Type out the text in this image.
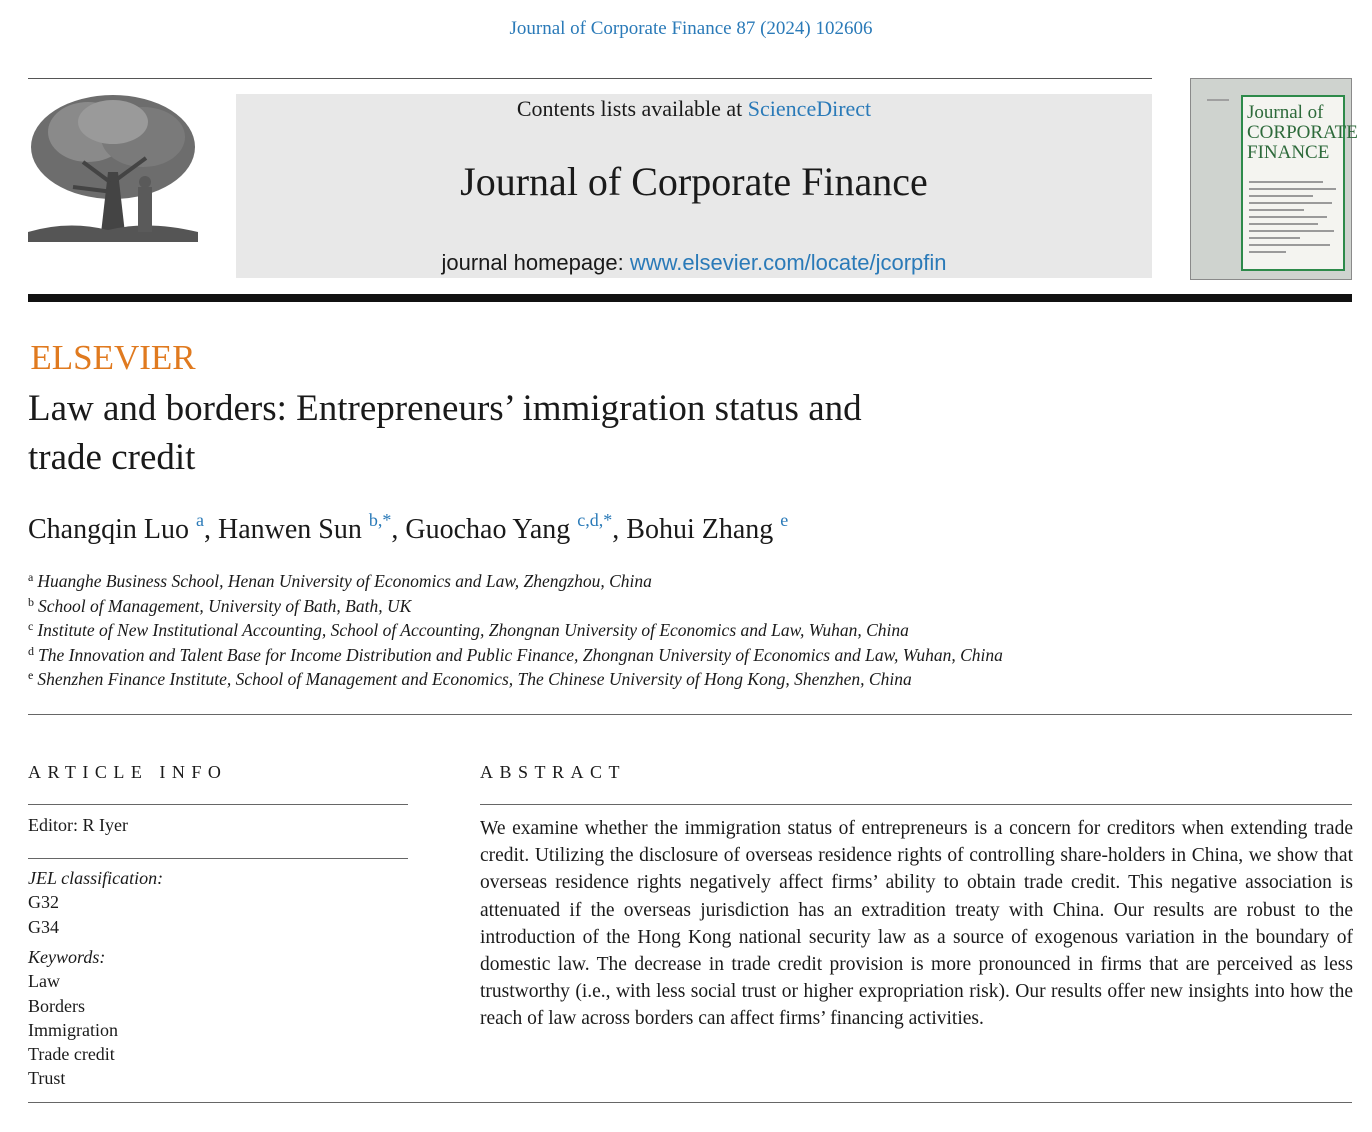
Journal of Corporate Finance 87 (2024) 102606
ELSEVIER
Contents lists available at ScienceDirect
Journal of Corporate Finance
journal homepage: www.elsevier.com/locate/jcorpfin
Journal of
CORPORATE
FINANCE
Law and borders: Entrepreneurs’ immigration status and
trade credit
Changqin Luo $^a$, Hanwen Sun $^{b,*}$, Guochao Yang $^{c,d,*}$, Bohui Zhang $^e$
$^a$ Huanghe Business School, Henan University of Economics and Law, Zhengzhou, China
$^b$ School of Management, University of Bath, Bath, UK
$^c$ Institute of New Institutional Accounting, School of Accounting, Zhongnan University of Economics and Law, Wuhan, China
$^d$ The Innovation and Talent Base for Income Distribution and Public Finance, Zhongnan University of Economics and Law, Wuhan, China
$^e$ Shenzhen Finance Institute, School of Management and Economics, The Chinese University of Hong Kong, Shenzhen, China
ARTICLE INFO
Editor: R Iyer
JEL classification:
G32
G34
Keywords:
Law
Borders
Immigration
Trade credit
Trust
ABSTRACT
We examine whether the immigration status of entrepreneurs is a concern for creditors when extending trade credit. Utilizing the disclosure of overseas residence rights of controlling share-holders in China, we show that overseas residence rights negatively affect firms’ ability to obtain trade credit. This negative association is attenuated if the overseas jurisdiction has an extradition treaty with China. Our results are robust to the introduction of the Hong Kong national security law as a source of exogenous variation in the boundary of domestic law. The decrease in trade credit provision is more pronounced in firms that are perceived as less trustworthy (i.e., with less social trust or higher expropriation risk). Our results offer new insights into how the reach of law across borders can affect firms’ financing activities.
